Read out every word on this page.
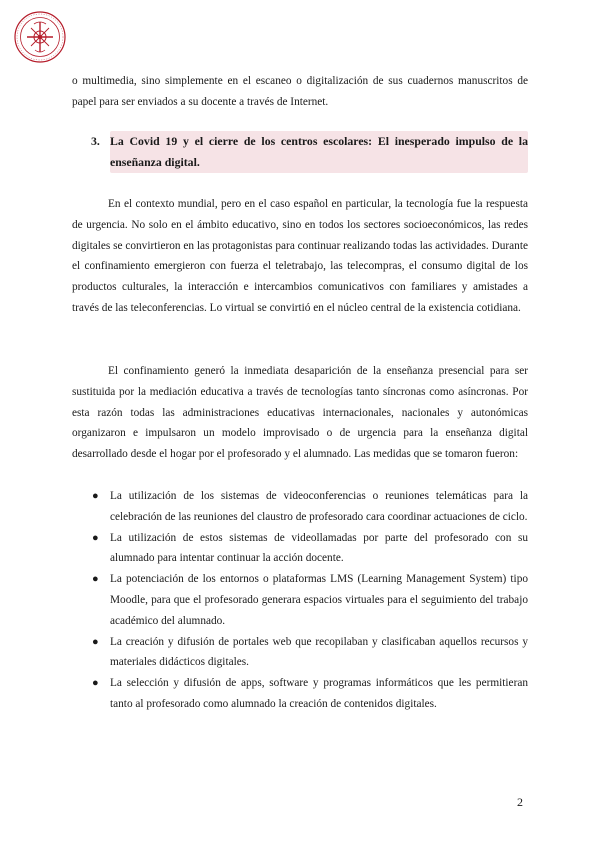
o multimedia, sino simplemente en el escaneo o digitalización de sus cuadernos manuscritos de papel para ser enviados a su docente a través de Internet.
3. La Covid 19 y el cierre de los centros escolares: El inesperado impulso de la enseñanza digital.
En el contexto mundial, pero en el caso español en particular, la tecnología fue la respuesta de urgencia. No solo en el ámbito educativo, sino en todos los sectores socioeconómicos, las redes digitales se convirtieron en las protagonistas para continuar realizando todas las actividades. Durante el confinamiento emergieron con fuerza el teletrabajo, las telecompras, el consumo digital de los productos culturales, la interacción e intercambios comunicativos con familiares y amistades a través de las teleconferencias. Lo virtual se convirtió en el núcleo central de la existencia cotidiana.
El confinamiento generó la inmediata desaparición de la enseñanza presencial para ser sustituida por la mediación educativa a través de tecnologías tanto síncronas como asíncronas. Por esta razón todas las administraciones educativas internacionales, nacionales y autonómicas organizaron e impulsaron un modelo improvisado o de urgencia para la enseñanza digital desarrollado desde el hogar por el profesorado y el alumnado. Las medidas que se tomaron fueron:
● La utilización de los sistemas de videoconferencias o reuniones telemáticas para la celebración de las reuniones del claustro de profesorado cara coordinar actuaciones de ciclo.
● La utilización de estos sistemas de videollamadas por parte del profesorado con su alumnado para intentar continuar la acción docente.
● La potenciación de los entornos o plataformas LMS (Learning Management System) tipo Moodle, para que el profesorado generara espacios virtuales para el seguimiento del trabajo académico del alumnado.
● La creación y difusión de portales web que recopilaban y clasificaban aquellos recursos y materiales didácticos digitales.
● La selección y difusión de apps, software y programas informáticos que les permitieran tanto al profesorado como alumnado la creación de contenidos digitales.
2
